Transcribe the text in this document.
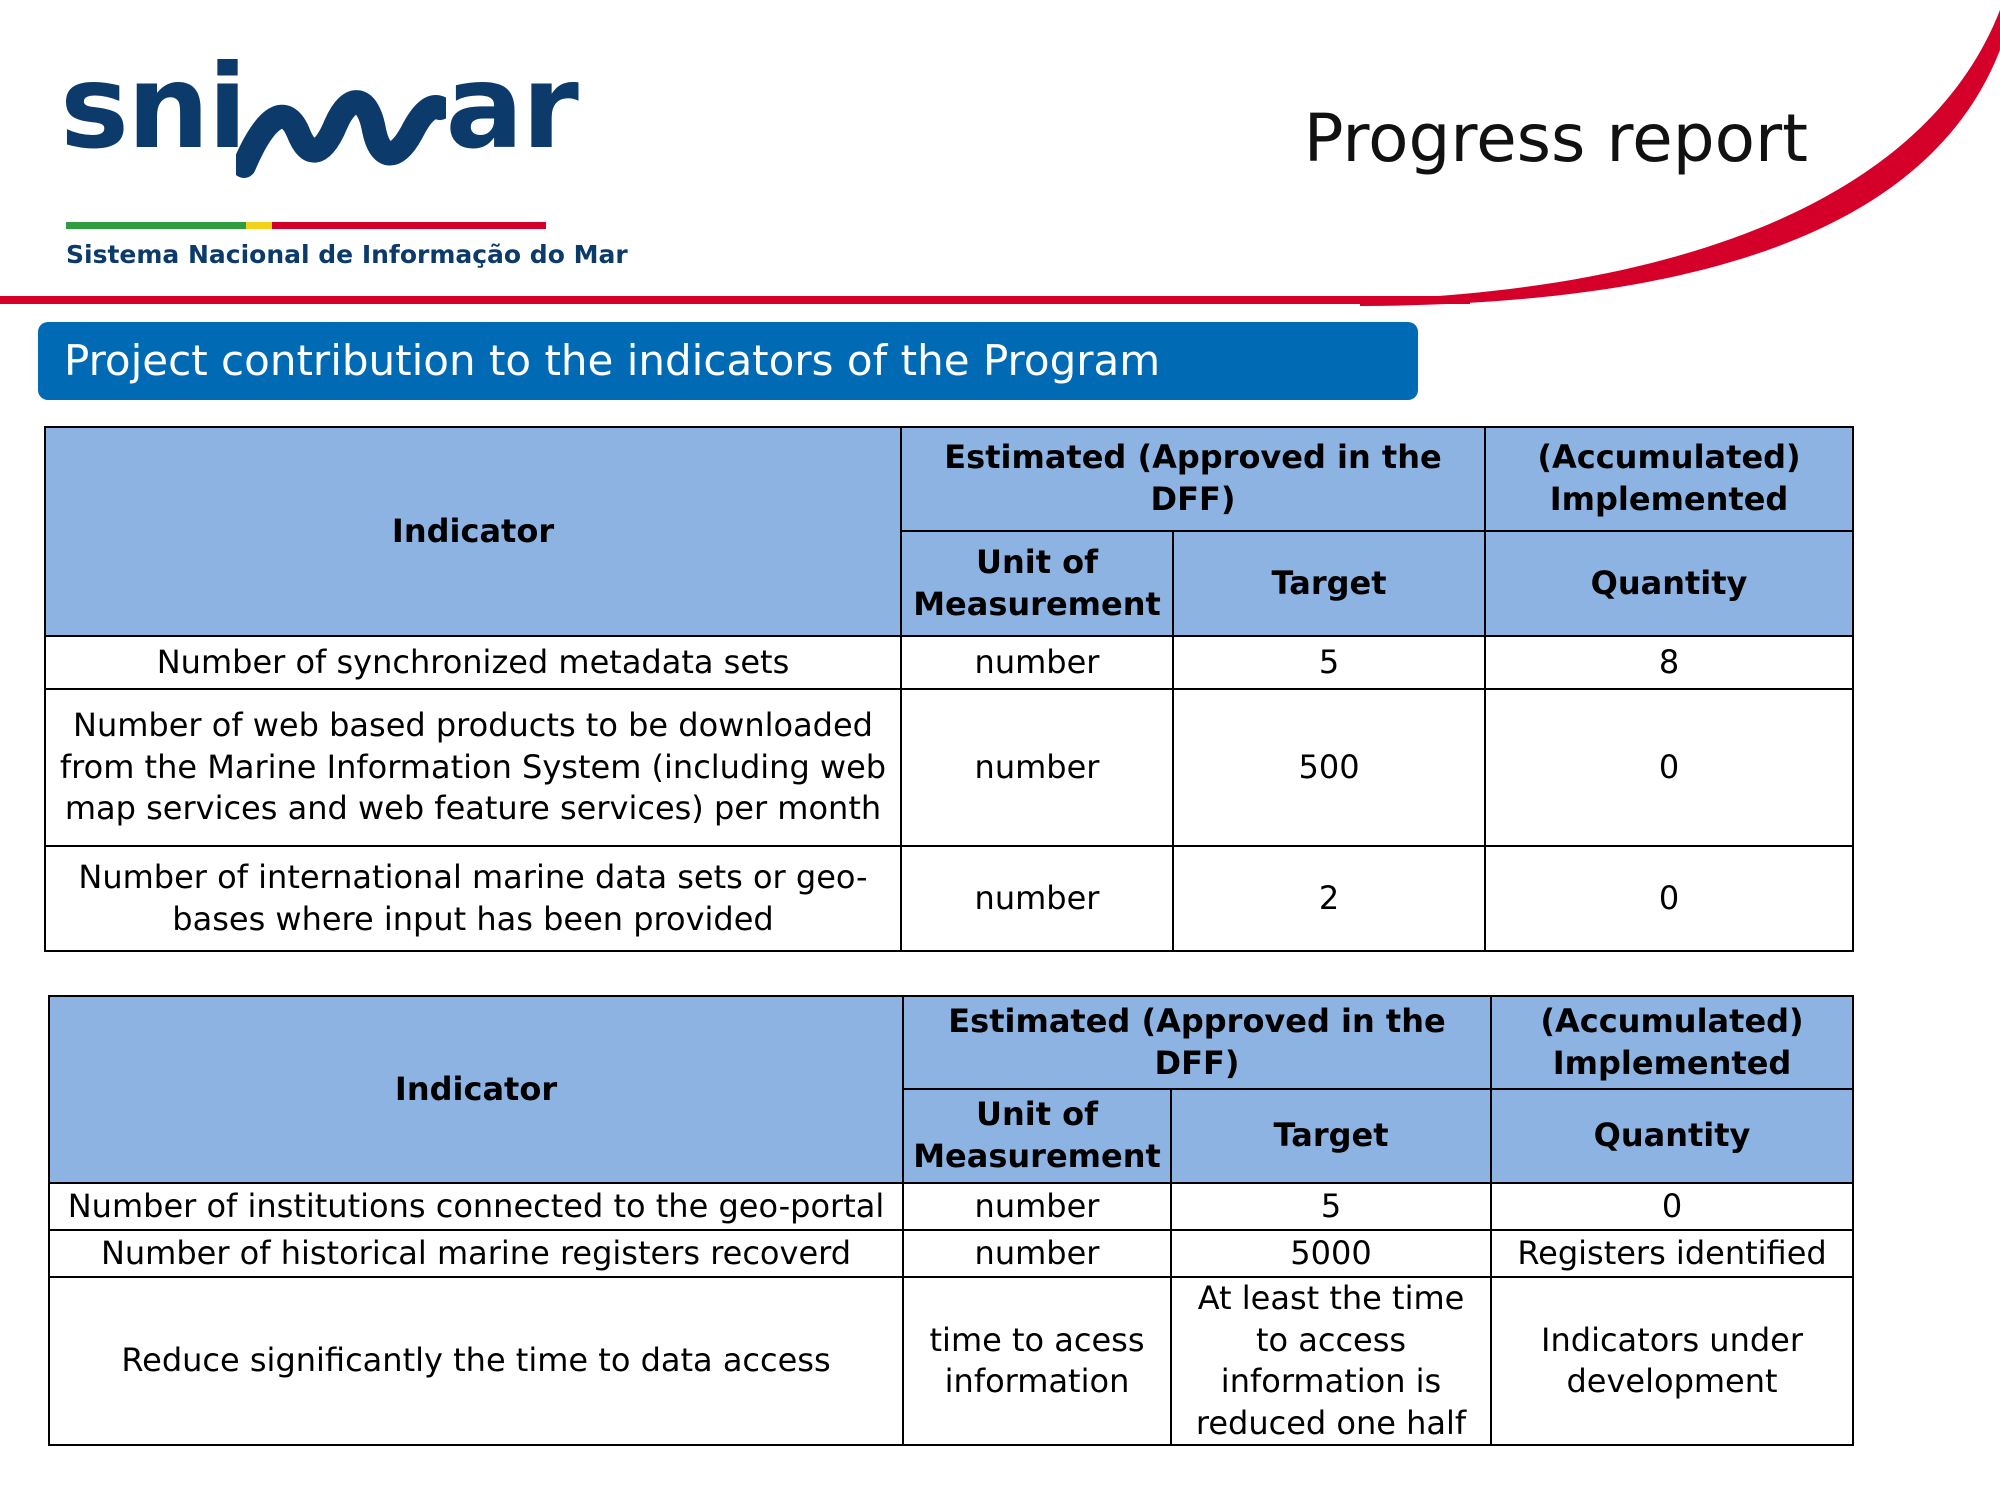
sni ar
Sistema Nacional de Informação do Mar
Progress report
Project contribution to the indicators of the Program
Indicator	Estimated (Approved in the DFF)		(Accumulated) Implemented
	Unit of Measurement	Target	Quantity
Number of synchronized metadata sets	number	5	8
Number of web based products to be downloaded from the Marine Information System (including web map services and web feature services) per month	number	500	0
Number of international marine data sets or geo-bases where input has been provided	number	2	0
Indicator	Estimated (Approved in the DFF)		(Accumulated) Implemented
	Unit of Measurement	Target	Quantity
Number of institutions connected to the geo-portal	number	5	0
Number of historical marine registers recoverd	number	5000	Registers identified
Reduce significantly the time to data access	time to acess information	At least the time to access information is reduced one half	Indicators under development
